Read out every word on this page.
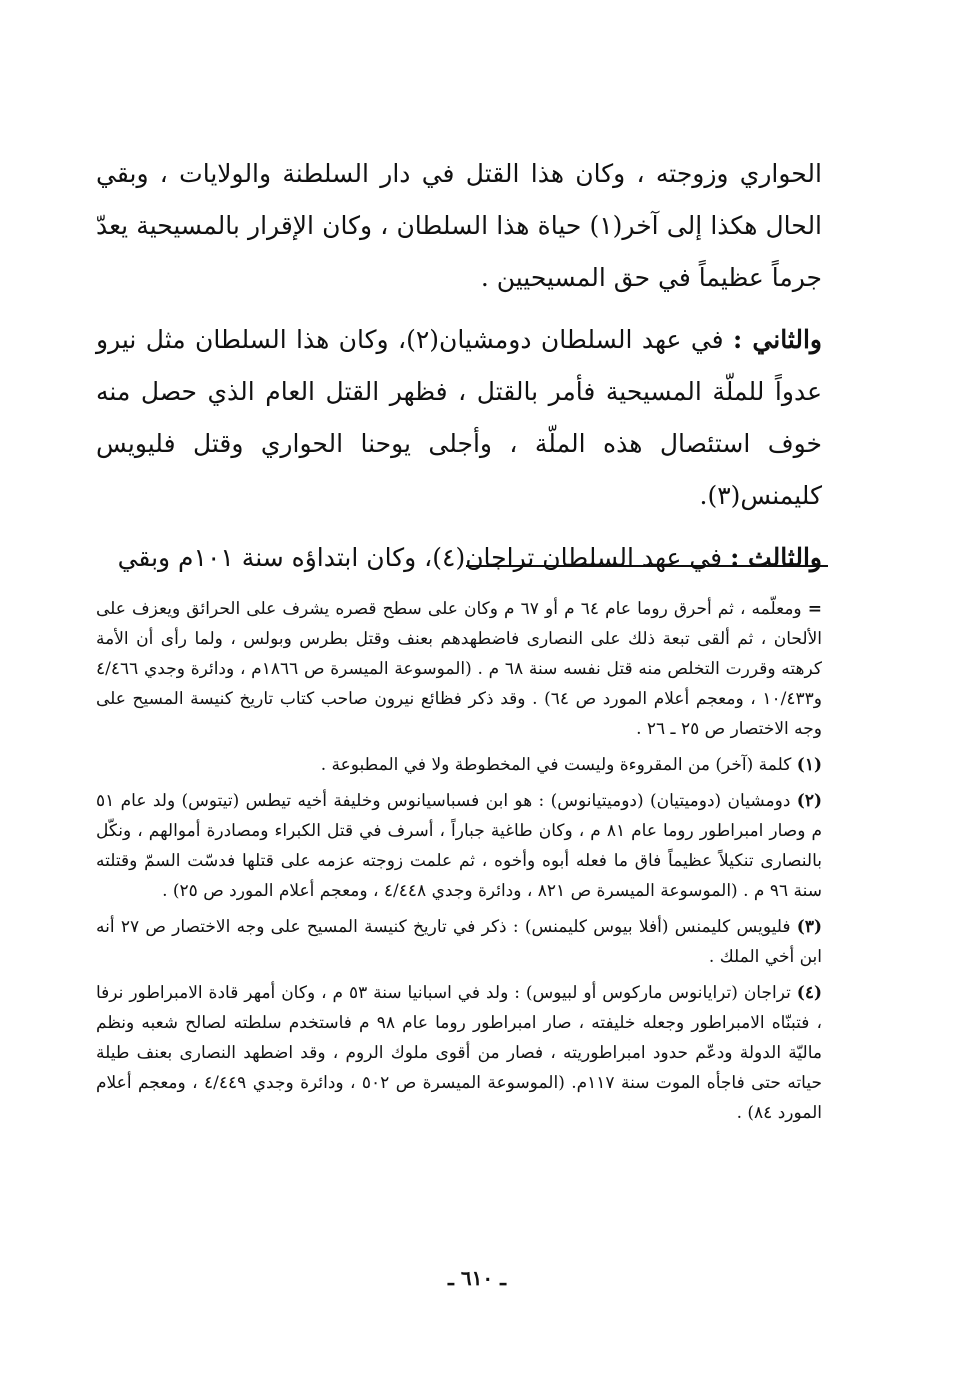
الحواري وزوجته ، وكان هذا القتل في دار السلطنة والولايات ، وبقي الحال هكذا إلى آخر(١) حياة هذا السلطان ، وكان الإقرار بالمسيحية يعدّ جرماً عظيماً في حق المسيحيين .

والثاني : في عهد السلطان دومشيان(٢)، وكان هذا السلطان مثل نيرو عدواً للملّة المسيحية فأمر بالقتل ، فظهر القتل العام الذي حصل منه خوف استئصال هذه الملّة ، وأجلى يوحنا الحواري وقتل فليويس كليمنس(٣).

والثالث : في عهد السلطان تراجان(٤)، وكان ابتداؤه سنة ١٠١م وبقي

= ومعلّمه ، ثم أحرق روما عام ٦٤ م أو ٦٧ م وكان على سطح قصره يشرف على الحرائق ويعزف على الألحان ، ثم ألقى تبعة ذلك على النصارى فاضطهدهم بعنف وقتل بطرس وبولس ، ولما رأى أن الأمة كرهته وقررت التخلص منه قتل نفسه سنة ٦٨ م . (الموسوعة الميسرة ص ١٨٦٦م ، ودائرة وجدي ٤/٤٦٦ و١٠/٤٣٣ ، ومعجم أعلام المورد ص ٦٤) . وقد ذكر فظائع نيرون صاحب كتاب تاريخ كنيسة المسيح على وجه الاختصار ص ٢٥ ـ ٢٦ .

(١) كلمة (آخر) من المقروءة وليست في المخطوطة ولا في المطبوعة .

(٢) دومشيان (دوميتيان) (دوميتيانوس) : هو ابن فسباسيانوس وخليفة أخيه تيطس (تيتوس) ولد عام ٥١ م وصار امبراطور روما عام ٨١ م ، وكان طاغية جباراً ، أسرف في قتل الكبراء ومصادرة أموالهم ، ونكّل بالنصارى تنكيلاً عظيماً فاق ما فعله أبوه وأخوه ، ثم علمت زوجته عزمه على قتلها فدسّت السمّ وقتلته سنة ٩٦ م . (الموسوعة الميسرة ص ٨٢١ ، ودائرة وجدي ٤/٤٤٨ ، ومعجم أعلام المورد ص ٢٥) .

(٣) فليويس كليمنس (أفلا بيوس كليمنس) : ذكر في تاريخ كنيسة المسيح على وجه الاختصار ص ٢٧ أنه ابن أخي الملك .

(٤) تراجان (ترايانوس ماركوس أو لبيوس) : ولد في اسبانيا سنة ٥٣ م ، وكان أمهر قادة الامبراطور نرفا ، فتبنّاه الامبراطور وجعله خليفته ، صار امبراطور روما عام ٩٨ م فاستخدم سلطته لصالح شعبه ونظم ماليّة الدولة ودعّم حدود امبراطوريته ، فصار من أقوى ملوك الروم ، وقد اضطهد النصارى بعنف طيلة حياته حتى فاجأه الموت سنة ١١٧م. (الموسوعة الميسرة ص ٥٠٢ ، ودائرة وجدي ٤/٤٤٩ ، ومعجم أعلام المورد ٨٤) .

ـ ٦١٠ ـ
